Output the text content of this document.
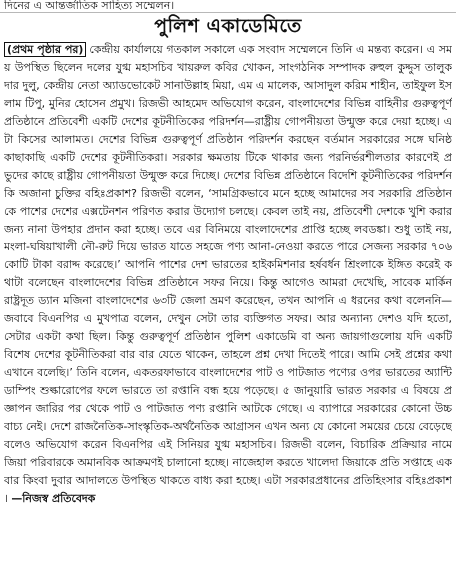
দিনের এ আন্তর্জাতিক সাহিত্য সম্মেলন।
পুলিশ একাডেমিতে
(প্রথম পৃষ্ঠার পর) কেন্দ্রীয় কার্যালয়ে গতকাল সকালে এক সংবাদ সম্মেলনে তিনি এ মন্তব্য করেন। এ সময় উপস্থিত ছিলেন দলের যুগ্ম মহাসচিব খায়রুল কবির খোকন, সাংগঠনিক সম্পাদক রুহুল কুদ্দুস তালুকদার দুলু, কেন্দ্রীয় নেতা অ্যাডভোকেট সানাউল্লাহ মিয়া, এম এ মালেক, আসাদুল করিম শাহীন, তাইফুল ইসলাম টিপু, মুনির হোসেন প্রমুখ। রিজভী আহমেদ অভিযোগ করেন, বাংলাদেশের বিভিন্ন বাহিনীর গুরুত্বপূর্ণ প্রতিষ্ঠানে প্রতিবেশী একটি দেশের কূটনীতিকের পরিদর্শন—রাষ্ট্রীয় গোপনীয়তা উন্মুক্ত করে দেয়া হচ্ছে। এটা কিসের আলামত। দেশের বিভিন্ন গুরুত্বপূর্ণ প্রতিষ্ঠান পরিদর্শন করছেন বর্তমান সরকারের সঙ্গে ঘনিষ্ঠ কাছাকাছি একটি দেশের কূটনীতিকরা। সরকার ক্ষমতায় টিকে থাকার জন্য পরনির্ভরশীলতার কারণেই প্রভুদের কাছে রাষ্ট্রীয় গোপনীয়তা উন্মুক্ত করে দিচ্ছে। দেশের বিভিন্ন প্রতিষ্ঠানে বিদেশি কূটনীতিকের পরিদর্শন কি অজানা চুক্তির বহিঃপ্রকাশ? রিজভী বলেন, ‘সামগ্রিকভাবে মনে হচ্ছে আমাদের সব সরকারি প্রতিষ্ঠানকে পাশের দেশের এক্সটেনশন পরিণত করার উদ্যোগ চলছে। কেবল তাই নয়, প্রতিবেশী দেশকে খুশি করার জন্য নানা উপহার প্রদান করা হচ্ছে। তবে এর বিনিময়ে বাংলাদেশের প্রাপ্তি হচ্ছে লবডঙ্কা। শুধু তাই নয়, মংলা-ঘষিয়াখালী নৌ-রুট দিয়ে ভারত যাতে সহজে পণ্য আনা-নেওয়া করতে পারে সেজন্য সরকার ৭০৬ কোটি টাকা বরাদ্দ করেছে।’ আপনি পাশের দেশ ভারতের হাইকমিশনার হর্ষবর্ধন শ্রিংলাকে ইঙ্গিত করেই কথাটা বলেছেন বাংলাদেশের বিভিন্ন প্রতিষ্ঠানে সফর নিয়ে। কিন্তু আগেও আমরা দেখেছি, সাবেক মার্কিন রাষ্ট্রদূত ড্যান মজিনা বাংলাদেশের ৬৩টি জেলা ভ্রমণ করেছেন, তখন আপনি এ ধরনের কথা বলেননি— জবাবে বিএনপির এ মুখপাত্র বলেন, দেখুন সেটা তার ব্যক্তিগত সফর। আর অন্যান্য দেশও যদি হতো, সেটার একটা কথা ছিল। কিন্তু গুরুত্বপূর্ণ প্রতিষ্ঠান পুলিশ একাডেমি বা অন্য জায়গাগুলোয় যদি একটি বিশেষ দেশের কূটনীতিকরা বার বার যেতে থাকেন, তাহলে প্রশ্ন দেখা দিতেই পারে। আমি সেই প্রশ্নের কথা এখানে বলেছি।’ তিনি বলেন, একতরফাভাবে বাংলাদেশের পাট ও পাটজাত পণ্যের ওপর ভারতের অ্যান্টি ডাম্পিং শুল্কারোপের ফলে ভারতে তা রপ্তানি বন্ধ হয়ে পড়েছে। ৫ জানুয়ারি ভারত সরকার এ বিষয়ে প্রজ্ঞাপন জারির পর থেকে পাট ও পাটজাত পণ্য রপ্তানি আটকে গেছে। এ ব্যাপারে সরকারের কোনো উচ্চবাচ্য নেই। দেশে রাজনৈতিক-সাংস্কৃতিক-অর্থনৈতিক আগ্রাসন এখন অন্য যে কোনো সময়ের চেয়ে বেড়েছে বলেও অভিযোগ করেন বিএনপির এই সিনিয়র যুগ্ম মহাসচিব। রিজভী বলেন, বিচারিক প্রক্রিয়ার নামে জিয়া পরিবারকে অমানবিক আক্রমণই চালানো হচ্ছে। নাজেহাল করতে খালেদা জিয়াকে প্রতি সপ্তাহে একবার কিংবা দুবার আদালতে উপস্থিত থাকতে বাধ্য করা হচ্ছে। এটা সরকারপ্রধানের প্রতিহিংসার বহিঃপ্রকাশ। —নিজস্ব প্রতিবেদক
